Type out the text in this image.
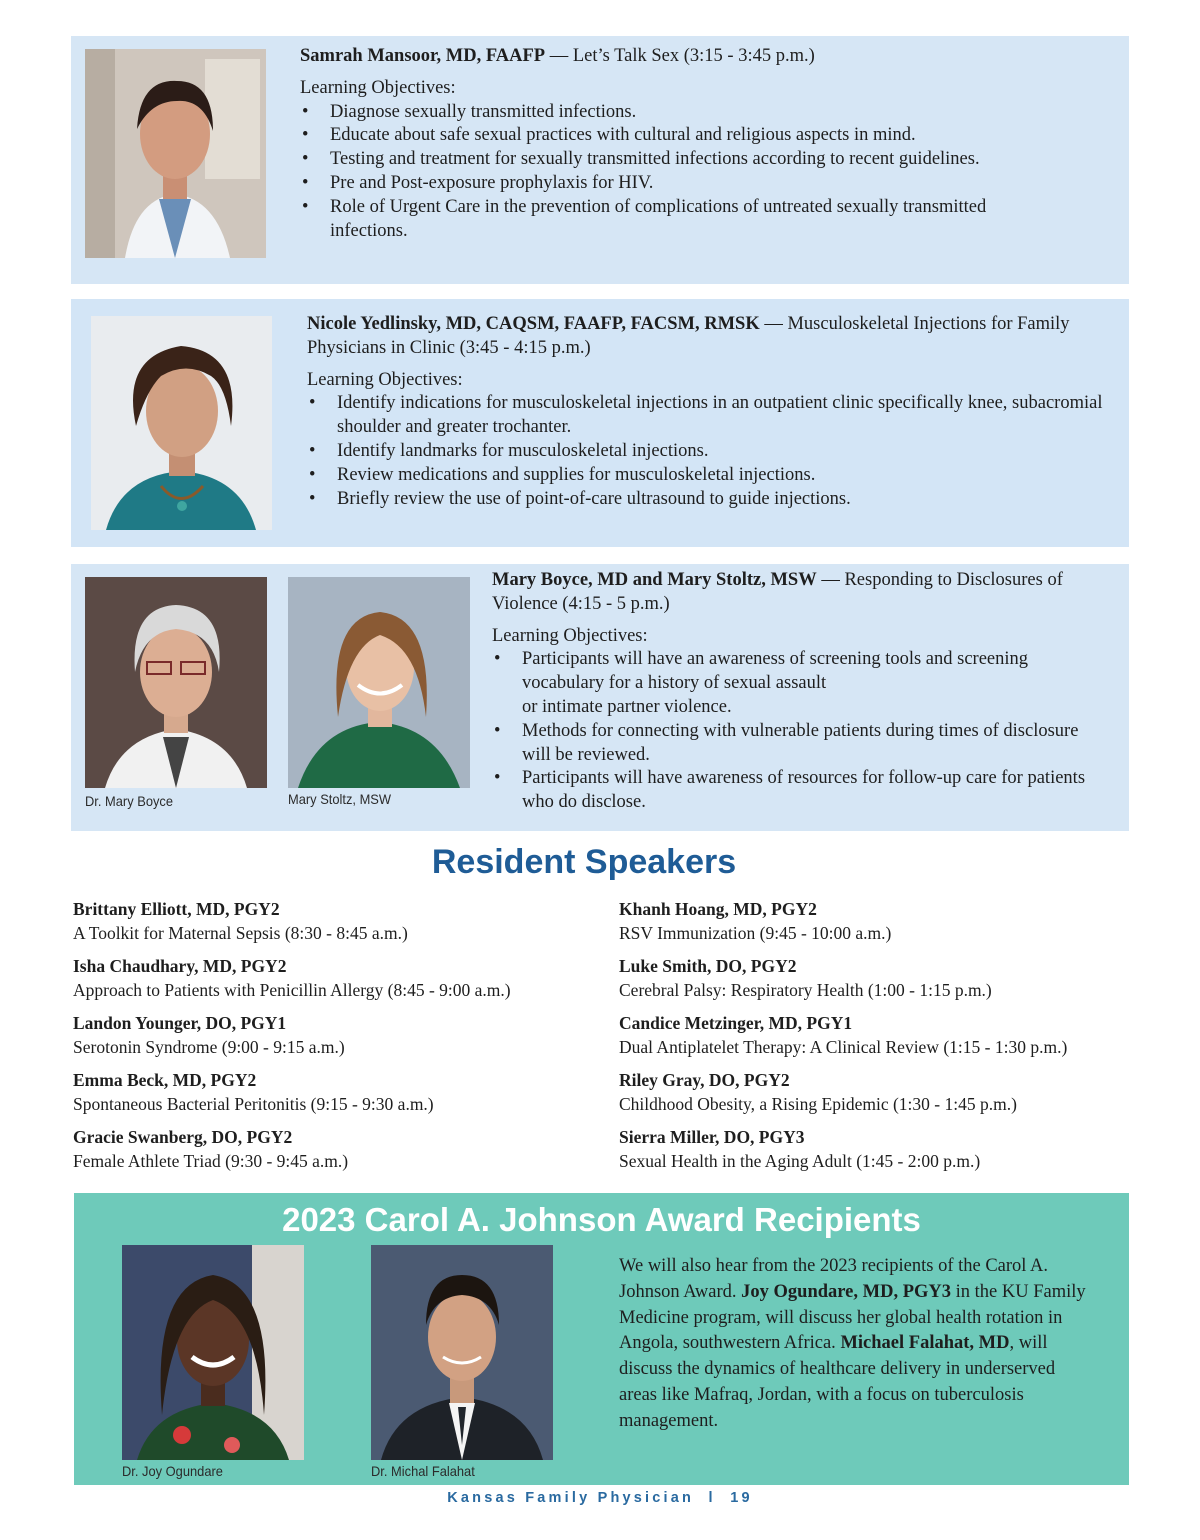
Samrah Mansoor, MD, FAAFP — Let’s Talk Sex (3:15 - 3:45 p.m.)

Learning Objectives:

• Diagnose sexually transmitted infections.
• Educate about safe sexual practices with cultural and religious aspects in mind.
• Testing and treatment for sexually transmitted infections according to recent guidelines.
• Pre and Post-exposure prophylaxis for HIV.
• Role of Urgent Care in the prevention of complications of untreated sexually transmitted infections.

Nicole Yedlinsky, MD, CAQSM, FAAFP, FACSM, RMSK — Musculoskeletal Injections for Family Physicians in Clinic (3:45 - 4:15 p.m.)

Learning Objectives:

• Identify indications for musculoskeletal injections in an outpatient clinic specifically knee, subacromial shoulder and greater trochanter.
• Identify landmarks for musculoskeletal injections.
• Review medications and supplies for musculoskeletal injections.
• Briefly review the use of point-of-care ultrasound to guide injections.
Dr. Mary Boyce	Mary Stoltz, MSW

Mary Boyce, MD and Mary Stoltz, MSW — Responding to Disclosures of Violence (4:15 - 5 p.m.)

Learning Objectives:

• Participants will have an awareness of screening tools and screening vocabulary for a history of sexual assault
or intimate partner violence.
• Methods for connecting with vulnerable patients during times of disclosure will be reviewed.
• Participants will have awareness of resources for follow-up care for patients who do disclose.
Resident Speakers
Brittany Elliott, MD, PGY2
A Toolkit for Maternal Sepsis (8:30 - 8:45 a.m.)
Isha Chaudhary, MD, PGY2
Approach to Patients with Penicillin Allergy (8:45 - 9:00 a.m.)
Landon Younger, DO, PGY1
Serotonin Syndrome (9:00 - 9:15 a.m.)
Emma Beck, MD, PGY2
Spontaneous Bacterial Peritonitis (9:15 - 9:30 a.m.)
Gracie Swanberg, DO, PGY2
Female Athlete Triad (9:30 - 9:45 a.m.)
Khanh Hoang, MD, PGY2
RSV Immunization (9:45 - 10:00 a.m.)
Luke Smith, DO, PGY2
Cerebral Palsy: Respiratory Health (1:00 - 1:15 p.m.)
Candice Metzinger, MD, PGY1
Dual Antiplatelet Therapy: A Clinical Review (1:15 - 1:30 p.m.)
Riley Gray, DO, PGY2
Childhood Obesity, a Rising Epidemic (1:30 - 1:45 p.m.)
Sierra Miller, DO, PGY3
Sexual Health in the Aging Adult (1:45 - 2:00 p.m.)
2023 Carol A. Johnson Award Recipients
Dr. Joy Ogundare	Dr. Michal Falahat

We will also hear from the 2023 recipients of the Carol A. Johnson Award. Joy Ogundare, MD, PGY3 in the KU Family Medicine program, will discuss her global health rotation in Angola, southwestern Africa. Michael Falahat, MD, will discuss the dynamics of healthcare delivery in underserved areas like Mafraq, Jordan, with a focus on tuberculosis management.

Kansas Family Physician  l  19
